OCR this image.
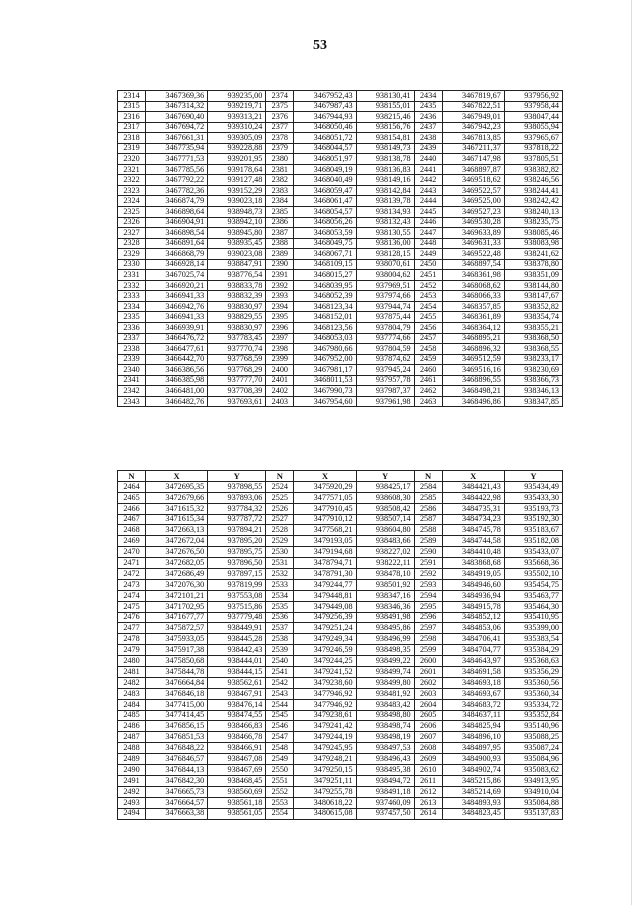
53
2314	3467369,36	939235,00	2374	3467952,43	938130,41	2434	3467819,67	937956,92
2315	3467314,32	939219,71	2375	3467987,43	938155,01	2435	3467822,51	937958,44
2316	3467690,40	939313,21	2376	3467944,93	938215,46	2436	3467949,01	938047,44
2317	3467694,72	939310,24	2377	3468050,46	938156,76	2437	3467942,23	938055,94
2318	3467661,31	939305,09	2378	3468051,72	938154,81	2438	3467813,85	937965,67
2319	3467735,94	939228,88	2379	3468044,57	938149,73	2439	3467211,37	937818,22
2320	3467771,53	939201,95	2380	3468051,97	938138,78	2440	3467147,98	937805,51
2321	3467785,56	939178,64	2381	3468049,19	938136,83	2441	3468897,87	938382,82
2322	3467792,22	939127,48	2382	3468040,49	938149,16	2442	3469518,62	938246,56
2323	3467782,36	939152,29	2383	3468059,47	938142,84	2443	3469522,57	938244,41
2324	3466874,79	939023,18	2384	3468061,47	938139,78	2444	3469525,00	938242,42
2325	3466898,64	938948,73	2385	3468054,57	938134,93	2445	3469527,23	938240,13
2326	3466904,91	938942,10	2386	3468056,26	938132,43	2446	3469530,28	938235,75
2327	3466898,54	938945,80	2387	3468053,59	938130,55	2447	3469633,89	938085,46
2328	3466891,64	938935,45	2388	3468049,75	938136,00	2448	3469631,33	938083,98
2329	3466868,79	939023,08	2389	3468067,71	938128,15	2449	3469522,48	938241,62
2330	3466928,14	938847,91	2390	3468109,15	938070,61	2450	3468897,54	938378,80
2331	3467025,74	938776,54	2391	3468015,27	938004,62	2451	3468361,98	938351,09
2332	3466920,21	938833,78	2392	3468039,95	937969,51	2452	3468068,62	938144,80
2333	3466941,33	938832,39	2393	3468052,39	937974,66	2453	3468066,33	938147,67
2334	3466942,76	938830,97	2394	3468123,34	937944,74	2454	3468357,85	938352,82
2335	3466941,33	938829,55	2395	3468152,01	937875,44	2455	3468361,89	938354,74
2336	3466939,91	938830,97	2396	3468123,56	937804,79	2456	3468364,12	938355,21
2337	3466476,72	937783,45	2397	3468053,03	937774,66	2457	3468895,21	938368,50
2338	3466477,61	937770,74	2398	3467980,66	937804,59	2458	3468896,32	938368,55
2339	3466442,70	937768,59	2399	3467952,00	937874,62	2459	3469512,59	938233,17
2340	3466386,56	937768,29	2400	3467981,17	937945,24	2460	3469516,16	938230,69
2341	3466385,98	937777,70	2401	3468011,53	937957,78	2461	3468896,55	938366,73
2342	3466481,00	937708,39	2402	3467990,73	937987,37	2462	3468498,21	938346,13
2343	3466482,76	937693,61	2403	3467954,60	937961,98	2463	3468496,86	938347,85
N	X	Y	N	X	Y	N	X	Y
2464	3472695,35	937898,55	2524	3475920,29	938425,17	2584	3484421,43	935434,49
2465	3472679,66	937893,06	2525	3477571,05	938608,30	2585	3484422,98	935433,30
2466	3471615,32	937784,32	2526	3477910,45	938508,42	2586	3484735,31	935193,73
2467	3471615,34	937787,72	2527	3477910,12	938507,14	2587	3484734,23	935192,30
2468	3472663,13	937894,21	2528	3477568,21	938604,80	2588	3484745,78	935183,67
2469	3472672,04	937895,20	2529	3479193,05	938483,66	2589	3484744,58	935182,08
2470	3472676,50	937895,75	2530	3479194,68	938227,02	2590	3484410,48	935433,07
2471	3472682,05	937896,50	2531	3478794,71	938222,11	2591	3483868,68	935668,36
2472	3472686,49	937897,15	2532	3478791,30	938478,10	2592	3484919,05	935502,10
2473	3472076,30	937819,99	2533	3479244,77	938501,92	2593	3484946,60	935454,75
2474	3472101,21	937553,08	2534	3479448,81	938347,16	2594	3484936,94	935463,77
2475	3471702,95	937515,86	2535	3479449,08	938346,36	2595	3484915,78	935464,30
2476	3471677,77	937779,48	2536	3479256,39	938491,98	2596	3484852,12	935410,95
2477	3475872,57	938449,91	2537	3479251,24	938495,86	2597	3484853,06	935399,00
2478	3475933,05	938445,28	2538	3479249,34	938496,99	2598	3484706,41	935383,54
2479	3475917,38	938442,43	2539	3479246,59	938498,35	2599	3484704,77	935384,29
2480	3475850,68	938444,01	2540	3479244,25	938499,22	2600	3484643,97	935368,63
2481	3475844,78	938444,15	2541	3479241,52	938499,74	2601	3484691,58	935356,29
2482	3476664,84	938562,61	2542	3479238,60	938499,80	2602	3484693,18	935360,56
2483	3476846,18	938467,91	2543	3477946,92	938481,92	2603	3484693,67	935360,34
2484	3477415,00	938476,14	2544	3477946,92	938483,42	2604	3484683,72	935334,72
2485	3477414,45	938474,55	2545	3479238,61	938498,80	2605	3484637,11	935352,84
2486	3476856,15	938466,83	2546	3479241,42	938498,74	2606	3484825,94	935140,96
2487	3476851,53	938466,78	2547	3479244,19	938498,19	2607	3484896,10	935088,25
2488	3476848,22	938466,91	2548	3479245,95	938497,53	2608	3484897,95	935087,24
2489	3476846,57	938467,08	2549	3479248,21	938496,43	2609	3484900,93	935084,96
2490	3476844,13	938467,69	2550	3479250,15	938495,38	2610	3484902,74	935083,62
2491	3476842,30	938468,45	2551	3479251,11	938494,72	2611	3485215,86	934913,95
2492	3476665,73	938560,69	2552	3479255,78	938491,18	2612	3485214,69	934910,04
2493	3476664,57	938561,18	2553	3480618,22	937460,09	2613	3484893,93	935084,88
2494	3476663,38	938561,05	2554	3480615,08	937457,50	2614	3484823,45	935137,83
